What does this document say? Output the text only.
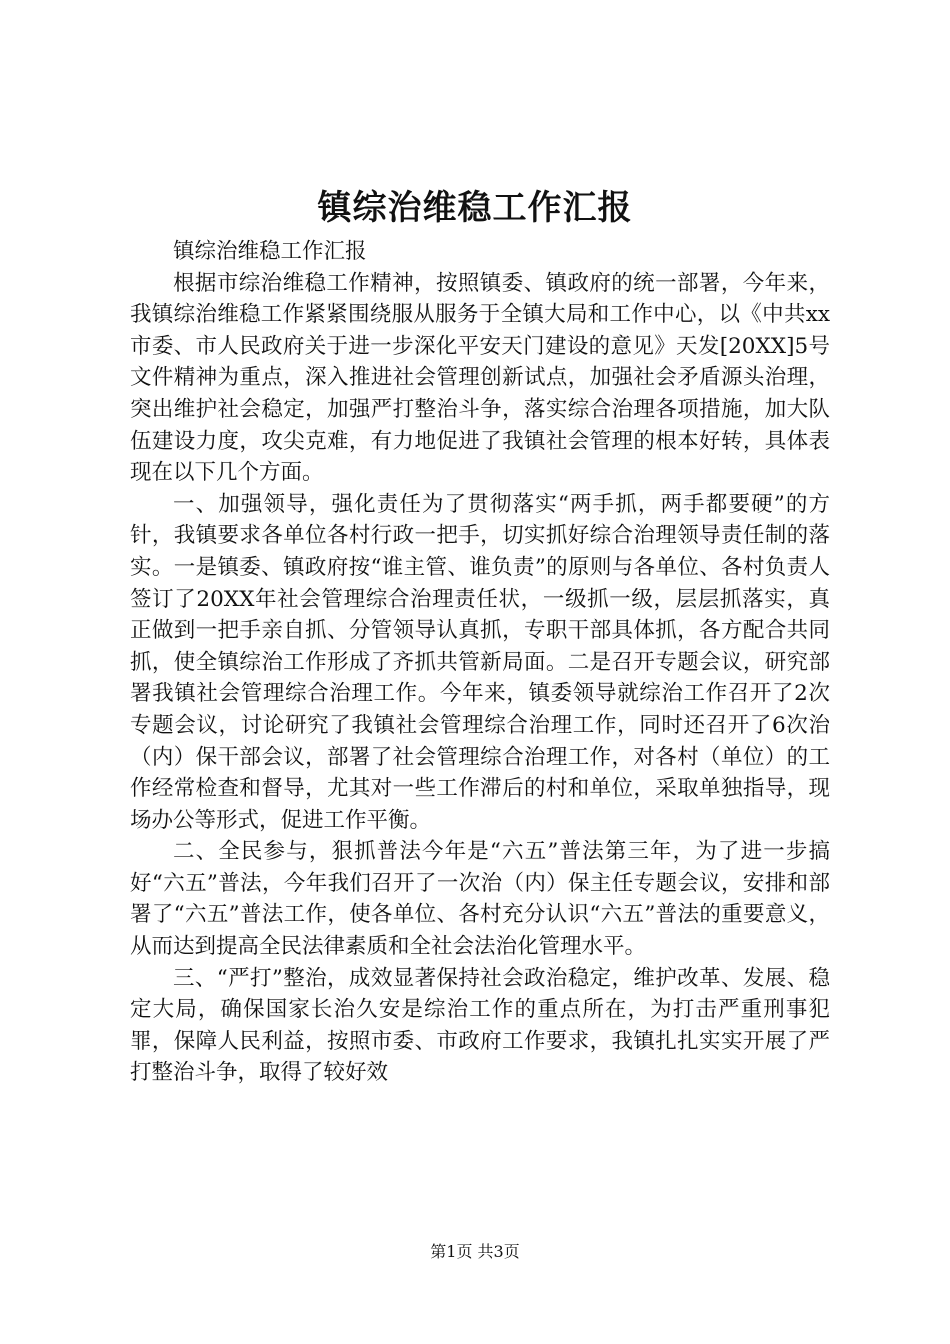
镇综治维稳工作汇报

镇综治维稳工作汇报

根据市综治维稳工作精神，按照镇委、镇政府的统一部署，今年来，我镇综治维稳工作紧紧围绕服从服务于全镇大局和工作中心，以《中共xx市委、市人民政府关于进一步深化平安天门建设的意见》天发[20XX]5号文件精神为重点，深入推进社会管理创新试点，加强社会矛盾源头治理，突出维护社会稳定，加强严打整治斗争，落实综合治理各项措施，加大队伍建设力度，攻尖克难，有力地促进了我镇社会管理的根本好转，具体表现在以下几个方面。

一、加强领导，强化责任为了贯彻落实“两手抓，两手都要硬”的方针，我镇要求各单位各村行政一把手，切实抓好综合治理领导责任制的落实。一是镇委、镇政府按“谁主管、谁负责”的原则与各单位、各村负责人签订了20XX年社会管理综合治理责任状，一级抓一级，层层抓落实，真正做到一把手亲自抓、分管领导认真抓，专职干部具体抓，各方配合共同抓，使全镇综治工作形成了齐抓共管新局面。二是召开专题会议，研究部署我镇社会管理综合治理工作。今年来，镇委领导就综治工作召开了2次专题会议，讨论研究了我镇社会管理综合治理工作，同时还召开了6次治（内）保干部会议，部署了社会管理综合治理工作，对各村（单位）的工作经常检查和督导，尤其对一些工作滞后的村和单位，采取单独指导，现场办公等形式，促进工作平衡。

二、全民参与，狠抓普法今年是“六五”普法第三年，为了进一步搞好“六五”普法，今年我们召开了一次治（内）保主任专题会议，安排和部署了“六五”普法工作，使各单位、各村充分认识“六五”普法的重要意义，从而达到提高全民法律素质和全社会法治化管理水平。

三、“严打”整治，成效显著保持社会政治稳定，维护改革、发展、稳定大局，确保国家长治久安是综治工作的重点所在，为打击严重刑事犯罪，保障人民利益，按照市委、市政府工作要求，我镇扎扎实实开展了严打整治斗争，取得了较好效

第1页 共3页
